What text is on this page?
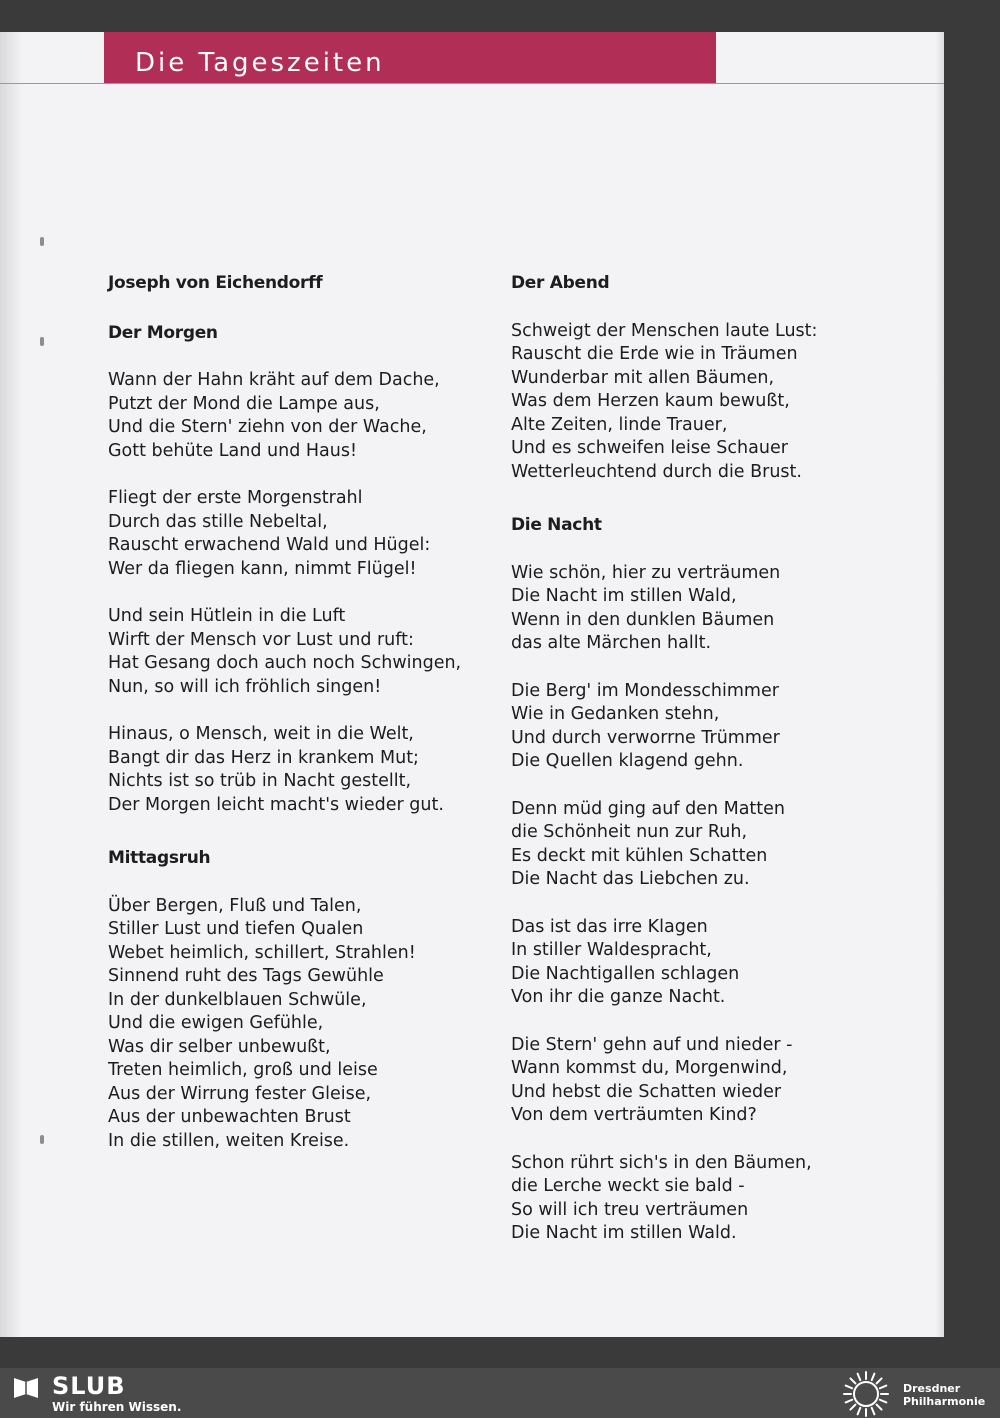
Die Tageszeiten
Joseph von Eichendorff
Der Morgen
Wann der Hahn kräht auf dem Dache,
Putzt der Mond die Lampe aus,
Und die Stern' ziehn von der Wache,
Gott behüte Land und Haus!
Fliegt der erste Morgenstrahl
Durch das stille Nebeltal,
Rauscht erwachend Wald und Hügel:
Wer da fliegen kann, nimmt Flügel!
Und sein Hütlein in die Luft
Wirft der Mensch vor Lust und ruft:
Hat Gesang doch auch noch Schwingen,
Nun, so will ich fröhlich singen!
Hinaus, o Mensch, weit in die Welt,
Bangt dir das Herz in krankem Mut;
Nichts ist so trüb in Nacht gestellt,
Der Morgen leicht macht's wieder gut.
Mittagsruh
Über Bergen, Fluß und Talen,
Stiller Lust und tiefen Qualen
Webet heimlich, schillert, Strahlen!
Sinnend ruht des Tags Gewühle
In der dunkelblauen Schwüle,
Und die ewigen Gefühle,
Was dir selber unbewußt,
Treten heimlich, groß und leise
Aus der Wirrung fester Gleise,
Aus der unbewachten Brust
In die stillen, weiten Kreise.
Der Abend
Schweigt der Menschen laute Lust:
Rauscht die Erde wie in Träumen
Wunderbar mit allen Bäumen,
Was dem Herzen kaum bewußt,
Alte Zeiten, linde Trauer,
Und es schweifen leise Schauer
Wetterleuchtend durch die Brust.
Die Nacht
Wie schön, hier zu verträumen
Die Nacht im stillen Wald,
Wenn in den dunklen Bäumen
das alte Märchen hallt.
Die Berg' im Mondesschimmer
Wie in Gedanken stehn,
Und durch verworrne Trümmer
Die Quellen klagend gehn.
Denn müd ging auf den Matten
die Schönheit nun zur Ruh,
Es deckt mit kühlen Schatten
Die Nacht das Liebchen zu.
Das ist das irre Klagen
In stiller Waldespracht,
Die Nachtigallen schlagen
Von ihr die ganze Nacht.
Die Stern' gehn auf und nieder -
Wann kommst du, Morgenwind,
Und hebst die Schatten wieder
Von dem verträumten Kind?
Schon rührt sich's in den Bäumen,
die Lerche weckt sie bald -
So will ich treu verträumen
Die Nacht im stillen Wald.
SLUB
Wir führen Wissen.
Dresdner
Philharmonie
